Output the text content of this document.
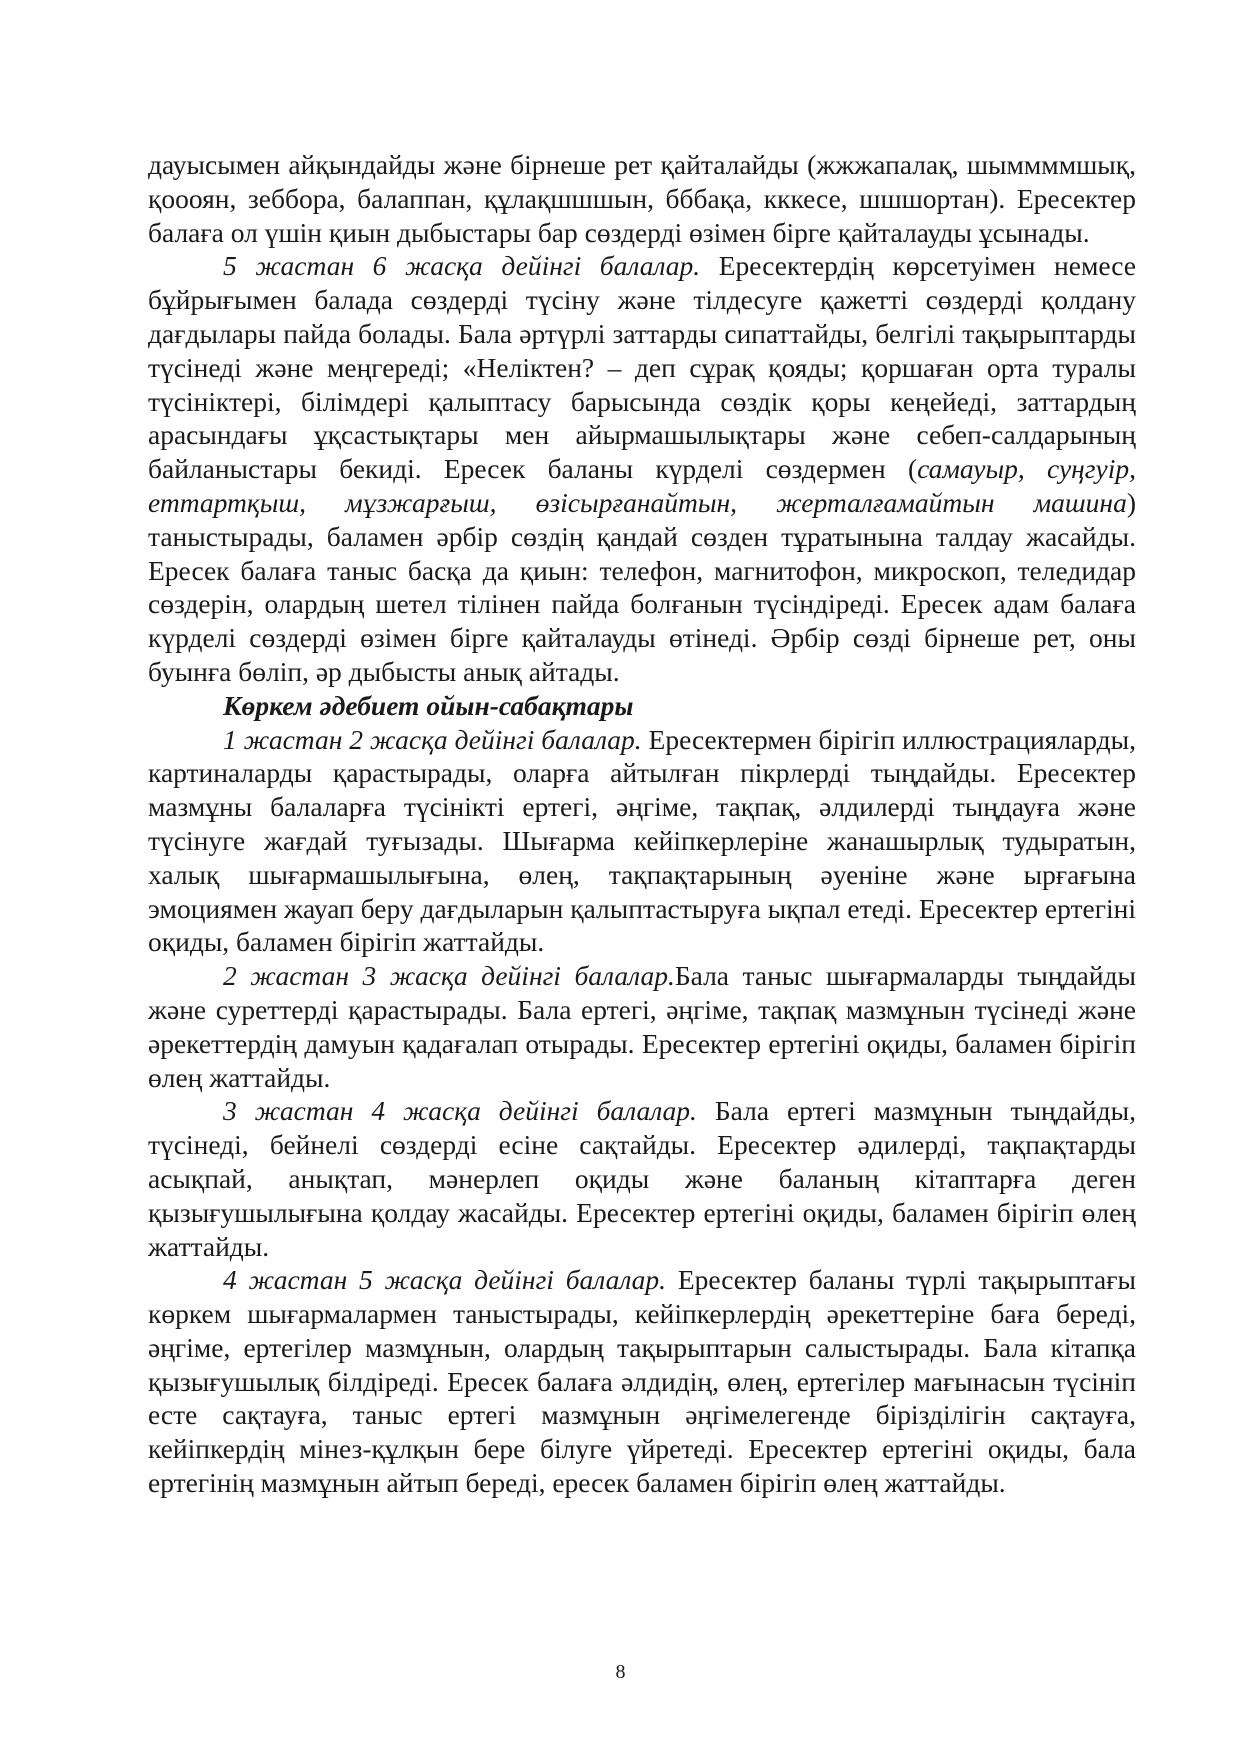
дауысымен айқындайды және бірнеше рет қайталайды (жжжапалақ, шыммммшық, қоооян, зеббора, балаппан, құлақшшшын, бббақа, кккесе, шшшортан). Ересектер балаға ол үшін қиын дыбыстары бар сөздерді өзімен бірге қайталауды ұсынады.

5 жастан 6 жасқа дейінгі балалар. Ересектердің көрсетуімен немесе бұйрығымен балада сөздерді түсіну және тілдесуге қажетті сөздерді қолдану дағдылары пайда болады. Бала әртүрлі заттарды сипаттайды, белгілі тақырыптарды түсінеді және меңгереді; «Неліктен? – деп сұрақ қояды; қоршаған орта туралы түсініктері, білімдері қалыптасу барысында сөздік қоры кеңейеді, заттардың арасындағы ұқсастықтары мен айырмашылықтары және себеп-салдарының байланыстары бекиді. Ересек баланы күрделі сөздермен (самауыр, суңгуір, еттартқыш, мұзжарғыш, өзісырғанайтын, жерталғамайтын машина) таныстырады, баламен әрбір сөздің қандай сөзден тұратынына талдау жасайды. Ересек балаға таныс басқа да қиын: телефон, магнитофон, микроскоп, теледидар сөздерін, олардың шетел тілінен пайда болғанын түсіндіреді. Ересек адам балаға күрделі сөздерді өзімен бірге қайталауды өтінеді. Әрбір сөзді бірнеше рет, оны буынға бөліп, әр дыбысты анық айтады.

Көркем әдебиет ойын-сабақтары

1 жастан 2 жасқа дейінгі балалар. Ересектермен бірігіп иллюстрацияларды, картиналарды қарастырады, оларға айтылған пікрлерді тыңдайды. Ересектер мазмұны балаларға түсінікті ертегі, әңгіме, тақпақ, әлдилерді тыңдауға және түсінуге жағдай туғызады. Шығарма кейіпкерлеріне жанашырлық тудыратын, халық шығармашылығына, өлең, тақпақтарының әуеніне және ырғағына эмоциямен жауап беру дағдыларын қалыптастыруға ықпал етеді. Ересектер ертегіні оқиды, баламен бірігіп жаттайды.

2 жастан 3 жасқа дейінгі балалар.Бала таныс шығармаларды тыңдайды және суреттерді қарастырады. Бала ертегі, әңгіме, тақпақ мазмұнын түсінеді және әрекеттердің дамуын қадағалап отырады. Ересектер ертегіні оқиды, баламен бірігіп өлең жаттайды.

3 жастан 4 жасқа дейінгі балалар. Бала ертегі мазмұнын тыңдайды, түсінеді, бейнелі сөздерді есіне сақтайды. Ересектер әдилерді, тақпақтарды асықпай, анықтап, мәнерлеп оқиды және баланың кітаптарға деген қызығушылығына қолдау жасайды. Ересектер ертегіні оқиды, баламен бірігіп өлең жаттайды.

4 жастан 5 жасқа дейінгі балалар. Ересектер баланы түрлі тақырыптағы көркем шығармалармен таныстырады, кейіпкерлердің әрекеттеріне баға береді, әңгіме, ертегілер мазмұнын, олардың тақырыптарын салыстырады. Бала кітапқа қызығушылық білдіреді. Ересек балаға әлдидің, өлең, ертегілер мағынасын түсініп есте сақтауға, таныс ертегі мазмұнын әңгімелегенде біріздiлігін сақтауға, кейіпкердің мінез-құлқын бере білуге үйретеді. Ересектер ертегіні оқиды, бала ертегінің мазмұнын айтып береді, ересек баламен бірігіп өлең жаттайды.

8
